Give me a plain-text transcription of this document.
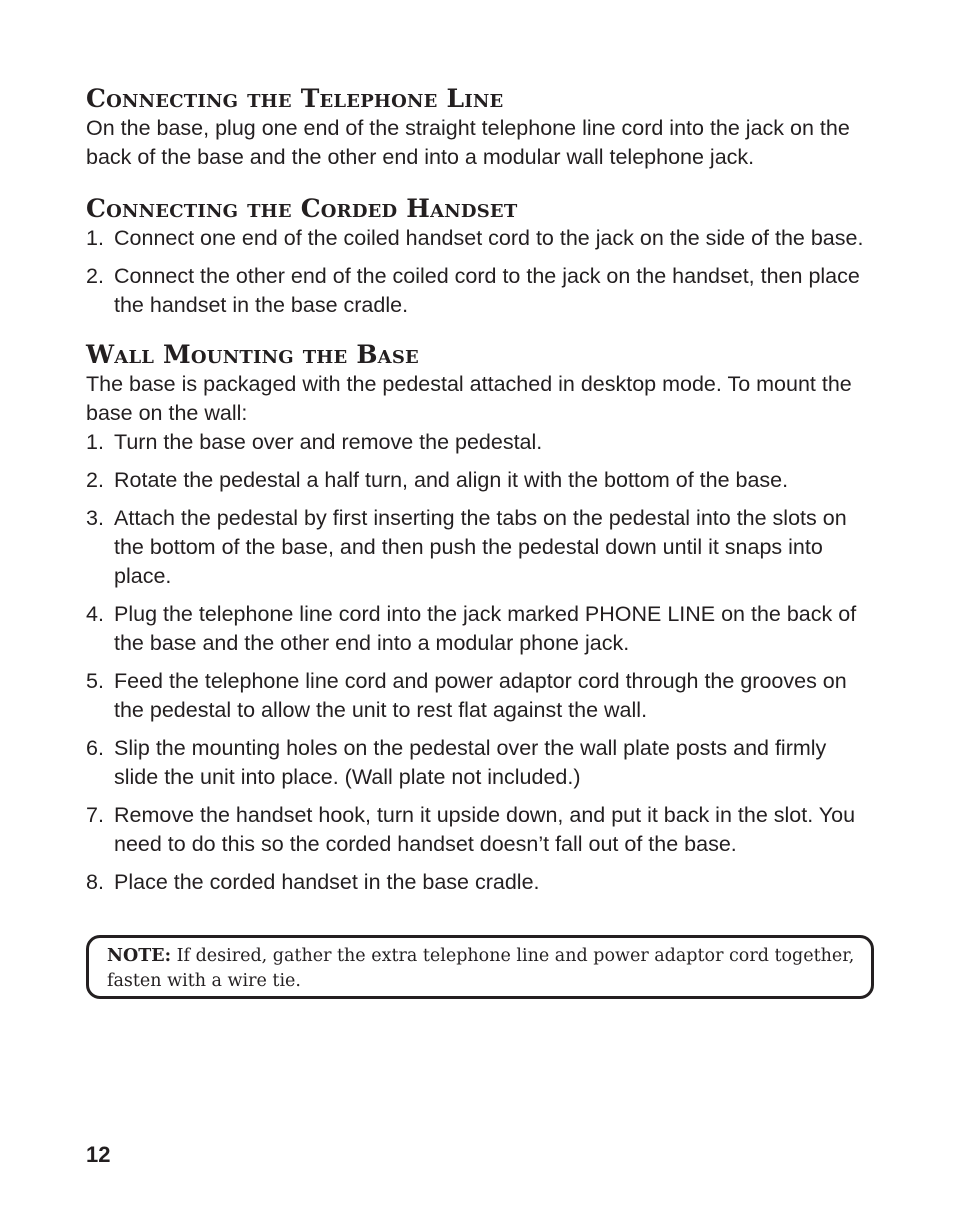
Connecting the Telephone Line

On the base, plug one end of the straight telephone line cord into the jack on the back of the base and the other end into a modular wall telephone jack.

Connecting the Corded Handset
1. Connect one end of the coiled handset cord to the jack on the side of the base.
2. Connect the other end of the coiled cord to the jack on the handset, then place the handset in the base cradle.
Wall Mounting the Base

The base is packaged with the pedestal attached in desktop mode. To mount the base on the wall:

1. Turn the base over and remove the pedestal.
2. Rotate the pedestal a half turn, and align it with the bottom of the base.
3. Attach the pedestal by first inserting the tabs on the pedestal into the slots on the bottom of the base, and then push the pedestal down until it snaps into place.
4. Plug the telephone line cord into the jack marked PHONE LINE on the back of the base and the other end into a modular phone jack.
5. Feed the telephone line cord and power adaptor cord through the grooves on the pedestal to allow the unit to rest flat against the wall.
6. Slip the mounting holes on the pedestal over the wall plate posts and firmly slide the unit into place. (Wall plate not included.)
7. Remove the handset hook, turn it upside down, and put it back in the slot. You need to do this so the corded handset doesn’t fall out of the base.
8. Place the corded handset in the base cradle.
NOTE: If desired, gather the extra telephone line and power adaptor cord together, fasten with a wire tie.
12
